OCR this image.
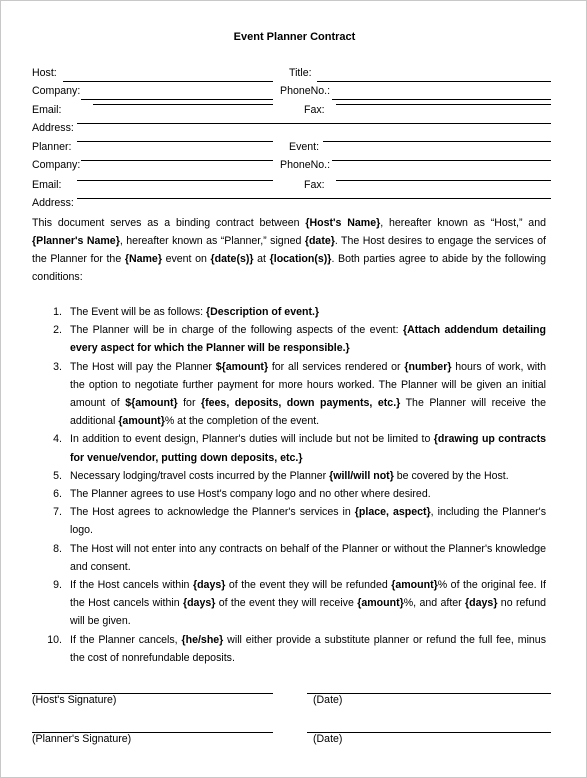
Event Planner Contract
Host:	Title:
Company:	PhoneNo.:
Email:	Fax:
Address:
Planner:	Event:
Company:	PhoneNo.:
Email:	Fax:
Address:

This document serves as a binding contract between {Host's Name}, hereafter known as “Host,” and {Planner's Name}, hereafter known as “Planner,” signed {date}. The Host desires to engage the services of the Planner for the {Name} event on {date(s)} at {location(s)}. Both parties agree to abide by the following conditions:

1. The Event will be as follows: {Description of event.}
2. The Planner will be in charge of the following aspects of the event: {Attach addendum detailing every aspect for which the Planner will be responsible.}
3. The Host will pay the Planner ${amount} for all services rendered or {number} hours of work, with the option to negotiate further payment for more hours worked. The Planner will be given an initial amount of ${amount} for {fees, deposits, down payments, etc.} The Planner will receive the additional {amount}% at the completion of the event.
4. In addition to event design, Planner's duties will include but not be limited to {drawing up contracts for venue/vendor, putting down deposits, etc.}
5. Necessary lodging/travel costs incurred by the Planner {will/will not} be covered by the Host.
6. The Planner agrees to use Host's company logo and no other where desired.
7. The Host agrees to acknowledge the Planner's services in {place, aspect}, including the Planner's logo.
8. The Host will not enter into any contracts on behalf of the Planner or without the Planner's knowledge and consent.
9. If the Host cancels within {days} of the event they will be refunded {amount}% of the original fee. If the Host cancels within {days} of the event they will receive {amount}%, and after {days} no refund will be given.
10. If the Planner cancels, {he/she} will either provide a substitute planner or refund the full fee, minus the cost of nonrefundable deposits.
(Host's Signature)	(Date)
(Planner's Signature)	(Date)
